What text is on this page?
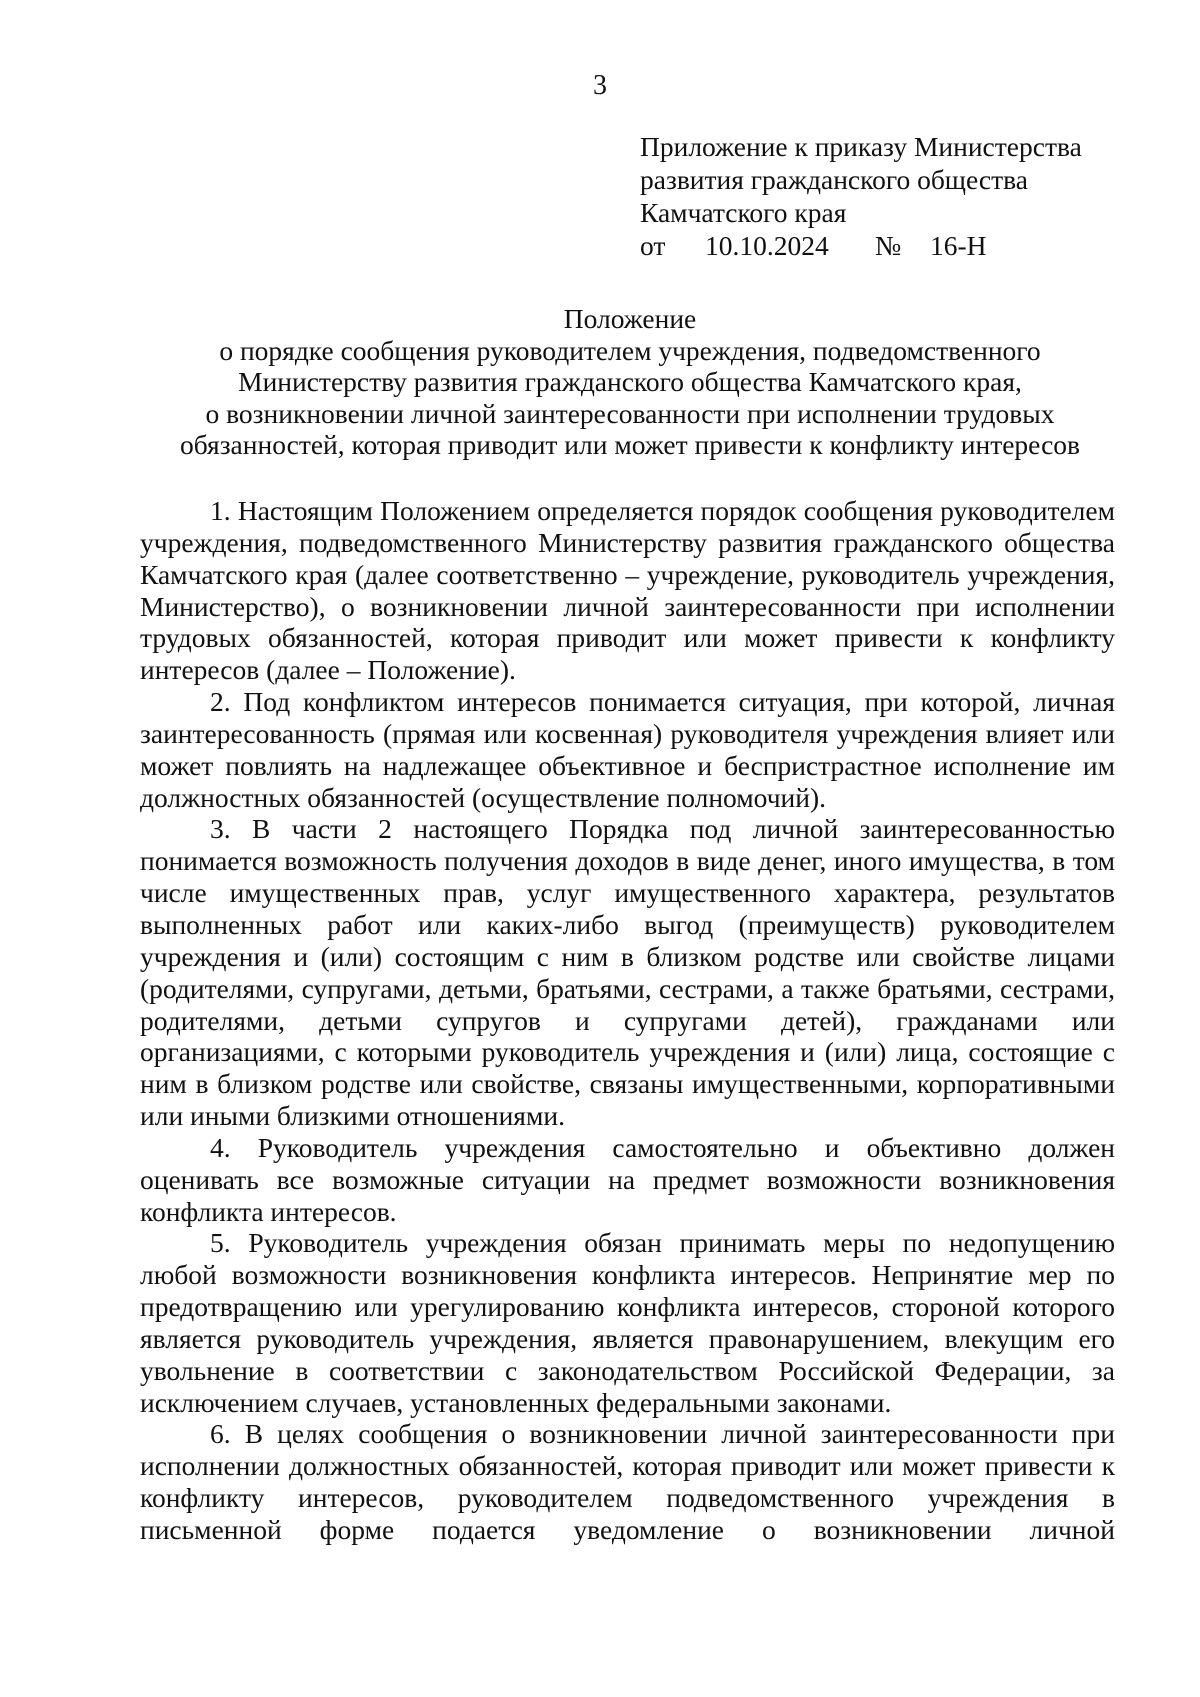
3
Приложение к приказу Министерства
развития гражданского общества
Камчатского края
от 10.10.2024 № 16-Н
Положение
о порядке сообщения руководителем учреждения, подведомственного
Министерству развития гражданского общества Камчатского края,
о возникновении личной заинтересованности при исполнении трудовых
обязанностей, которая приводит или может привести к конфликту интересов

1. Настоящим Положением определяется порядок сообщения руководителем учреждения, подведомственного Министерству развития гражданского общества Камчатского края (далее соответственно – учреждение, руководитель учреждения, Министерство), о возникновении личной заинтересованности при исполнении трудовых обязанностей, которая приводит или может привести к конфликту интересов (далее – Положение).

2. Под конфликтом интересов понимается ситуация, при которой, личная заинтересованность (прямая или косвенная) руководителя учреждения влияет или может повлиять на надлежащее объективное и беспристрастное исполнение им должностных обязанностей (осуществление полномочий).

3. В части 2 настоящего Порядка под личной заинтересованностью понимается возможность получения доходов в виде денег, иного имущества, в том числе имущественных прав, услуг имущественного характера, результатов выполненных работ или каких-либо выгод (преимуществ) руководителем учреждения и (или) состоящим с ним в близком родстве или свойстве лицами (родителями, супругами, детьми, братьями, сестрами, а также братьями, сестрами, родителями, детьми супругов и супругами детей), гражданами или организациями, с которыми руководитель учреждения и (или) лица, состоящие с ним в близком родстве или свойстве, связаны имущественными, корпоративными или иными близкими отношениями.

4. Руководитель учреждения самостоятельно и объективно должен оценивать все возможные ситуации на предмет возможности возникновения конфликта интересов.

5. Руководитель учреждения обязан принимать меры по недопущению любой возможности возникновения конфликта интересов. Непринятие мер по предотвращению или урегулированию конфликта интересов, стороной которого является руководитель учреждения, является правонарушением, влекущим его увольнение в соответствии с законодательством Российской Федерации, за исключением случаев, установленных федеральными законами.

6. В целях сообщения о возникновении личной заинтересованности при исполнении должностных обязанностей, которая приводит или может привести к конфликту интересов, руководителем подведомственного учреждения в письменной форме подается уведомление о возникновении личной
